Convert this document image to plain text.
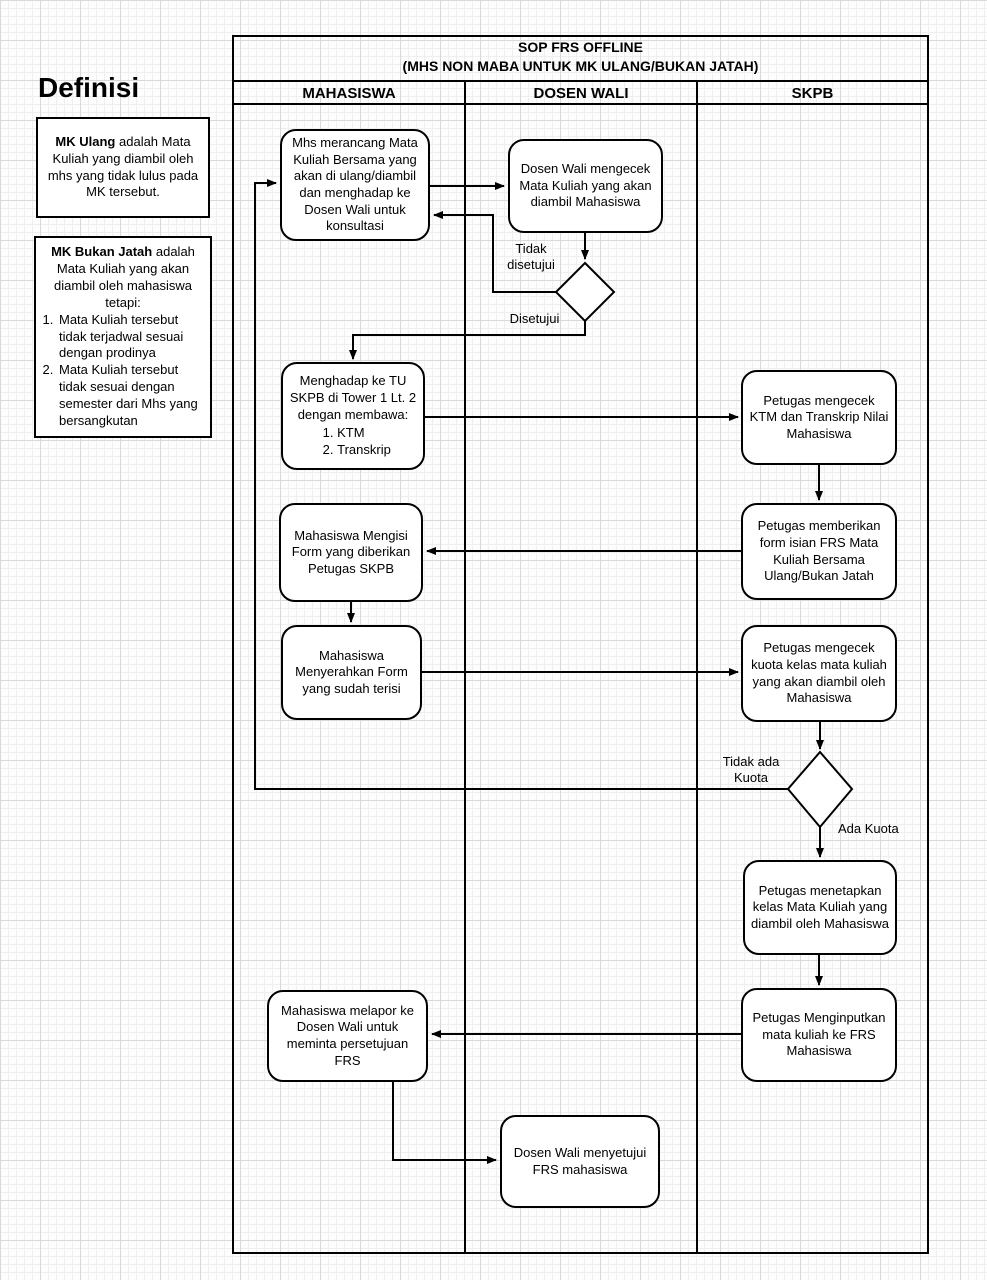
Definisi
MK Ulang adalah Mata Kuliah yang diambil oleh mhs yang tidak lulus pada MK tersebut.
MK Bukan Jatah adalah Mata Kuliah yang akan diambil oleh mahasiswa tetapi:
1. Mata Kuliah tersebut tidak terjadwal sesuai dengan prodinya
2. Mata Kuliah tersebut tidak sesuai dengan semester dari Mhs yang bersangkutan
SOP FRS OFFLINE
(MHS NON MABA UNTUK MK ULANG/BUKAN JATAH)
MAHASISWA	DOSEN WALI	SKPB
Mhs merancang Mata Kuliah Bersama yang akan di ulang/diambil dan menghadap ke Dosen Wali untuk konsultasi
Dosen Wali mengecek Mata Kuliah yang akan diambil Mahasiswa
Menghadap ke TU SKPB di Tower 1 Lt. 2 dengan membawa:

1. KTM
2. Transkrip
Petugas mengecek KTM dan Transkrip Nilai Mahasiswa
Petugas memberikan form isian FRS Mata Kuliah Bersama Ulang/Bukan Jatah
Mahasiswa Mengisi Form yang diberikan Petugas SKPB
Mahasiswa Menyerahkan Form yang sudah terisi
Petugas mengecek kuota kelas mata kuliah yang akan diambil oleh Mahasiswa
Petugas menetapkan kelas Mata Kuliah yang diambil oleh Mahasiswa
Petugas Menginputkan mata kuliah ke FRS Mahasiswa
Mahasiswa melapor ke Dosen Wali untuk meminta persetujuan FRS
Dosen Wali menyetujui FRS mahasiswa
Tidak disetujui
Disetujui
Tidak ada Kuota
Ada Kuota
